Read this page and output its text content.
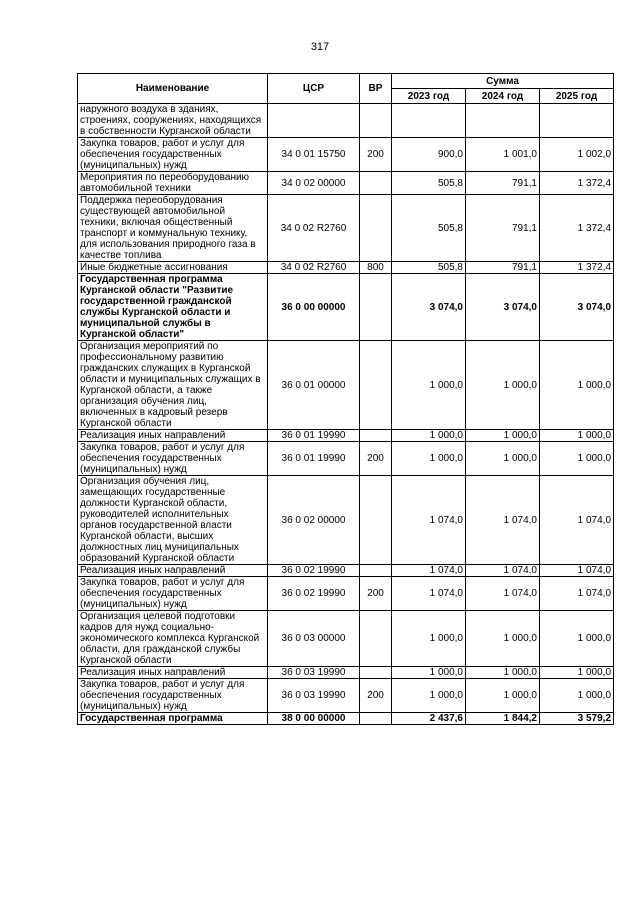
317
Наименование	ЦСР	ВР	Сумма		
			2023 год	2024 год	2025 год
наружного воздуха в зданиях, строениях, сооружениях, находящихся в собственности Курганской области					
Закупка товаров, работ и услуг для обеспечения государственных (муниципальных) нужд	34 0 01 15750	200	900,0	1 001,0	1 002,0
Мероприятия по переоборудованию автомобильной техники	34 0 02 00000		505,8	791,1	1 372,4
Поддержка переоборудования существующей автомобильной техники, включая общественный транспорт и коммунальную технику, для использования природного газа в качестве топлива	34 0 02 R2760		505,8	791,1	1 372,4
Иные бюджетные ассигнования	34 0 02 R2760	800	505,8	791,1	1 372,4
Государственная программа Курганской области "Развитие государственной гражданской службы Курганской области и муниципальной службы в Курганской области"	36 0 00 00000		3 074,0	3 074,0	3 074,0
Организация мероприятий по профессиональному развитию гражданских служащих в Курганской области и муниципальных служащих в Курганской области, а также организация обучения лиц, включенных в кадровый резерв Курганской области	36 0 01 00000		1 000,0	1 000,0	1 000,0
Реализация иных направлений	36 0 01 19990		1 000,0	1 000,0	1 000,0
Закупка товаров, работ и услуг для обеспечения государственных (муниципальных) нужд	36 0 01 19990	200	1 000,0	1 000,0	1 000,0
Организация обучения лиц, замещающих государственные должности Курганской области, руководителей исполнительных органов государственной власти Курганской области, высших должностных лиц муниципальных образований Курганской области	36 0 02 00000		1 074,0	1 074,0	1 074,0
Реализация иных направлений	36 0 02 19990		1 074,0	1 074,0	1 074,0
Закупка товаров, работ и услуг для обеспечения государственных (муниципальных) нужд	36 0 02 19990	200	1 074,0	1 074,0	1 074,0
Организация целевой подготовки кадров для нужд социально-экономического комплекса Курганской области, для гражданской службы Курганской области	36 0 03 00000		1 000,0	1 000,0	1 000,0
Реализация иных направлений	36 0 03 19990		1 000,0	1 000,0	1 000,0
Закупка товаров, работ и услуг для обеспечения государственных (муниципальных) нужд	36 0 03 19990	200	1 000,0	1 000,0	1 000,0
Государственная программа	38 0 00 00000		2 437,6	1 844,2	3 579,2
